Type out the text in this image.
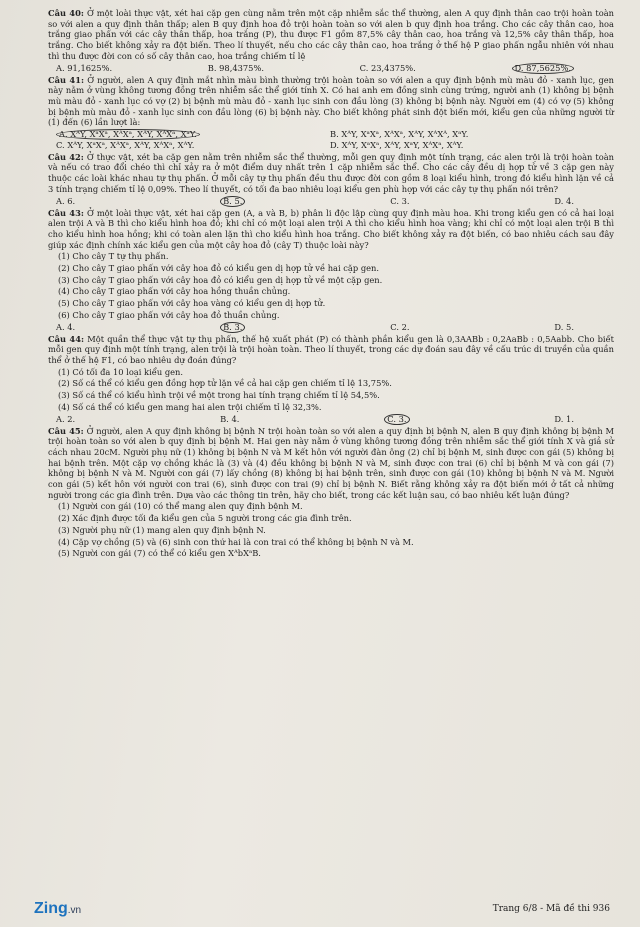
Câu 40: Ở một loài thực vật, xét hai cặp gen cùng nằm trên một cặp nhiễm sắc thể thường, alen A quy định thân cao trội hoàn toàn so với alen a quy định thân thấp; alen B quy định hoa đỏ trội hoàn toàn so với alen b quy định hoa trắng. Cho các cây thân cao, hoa trắng giao phấn với các cây thân thấp, hoa trắng (P), thu được F1 gồm 87,5% cây thân cao, hoa trắng và 12,5% cây thân thấp, hoa trắng. Cho biết không xảy ra đột biến. Theo lí thuyết, nếu cho các cây thân cao, hoa trắng ở thế hệ P giao phấn ngẫu nhiên với nhau thì thu được đời con có số cây thân cao, hoa trắng chiếm tỉ lệ

A. 91,1625%.	B. 98,4375%.	C. 23,4375%.	D. 87,5625%.

Câu 41: Ở người, alen A quy định mắt nhìn màu bình thường trội hoàn toàn so với alen a quy định bệnh mù màu đỏ - xanh lục, gen này nằm ở vùng không tương đồng trên nhiễm sắc thể giới tính X. Có hai anh em đồng sinh cùng trứng, người anh (1) không bị bệnh mù màu đỏ - xanh lục có vợ (2) bị bệnh mù màu đỏ - xanh lục sinh con đầu lòng (3) không bị bệnh này. Người em (4) có vợ (5) không bị bệnh mù màu đỏ - xanh lục sinh con đầu lòng (6) bị bệnh này. Cho biết không phát sinh đột biến mới, kiểu gen của những người từ (1) đến (6) lần lượt là:

A. XᴬY, XᵃXᵃ, XᴬXᵃ, XᴬY, XᴬXᵃ, XᵃY.	B. XᴬY, XᵃXᵃ, XᴬXᵃ, XᴬY, XᴬXᴬ, XᵃY.
C. XᴬY, XᵃXᵃ, XᴬXᵃ, XᴬY, XᴬXᵃ, XᴬY.	D. XᴬY, XᵃXᵃ, XᴬY, XᵃY, XᴬXᵃ, XᴬY.

Câu 42: Ở thực vật, xét ba cặp gen nằm trên nhiễm sắc thể thường, mỗi gen quy định một tính trạng, các alen trội là trội hoàn toàn và nếu có trao đổi chéo thì chỉ xảy ra ở một điểm duy nhất trên 1 cặp nhiễm sắc thể. Cho các cây đều dị hợp tử về 3 cặp gen này thuộc các loài khác nhau tự thụ phấn. Ở mỗi cây tự thụ phấn đều thu được đời con gồm 8 loại kiểu hình, trong đó kiểu hình lặn về cả 3 tính trạng chiếm tỉ lệ 0,09%. Theo lí thuyết, có tối đa bao nhiêu loại kiểu gen phù hợp với các cây tự thụ phấn nói trên?

A. 6.	B. 5.	C. 3.	D. 4.

Câu 43: Ở một loài thực vật, xét hai cặp gen (A, a và B, b) phân li độc lập cùng quy định màu hoa. Khi trong kiểu gen có cả hai loại alen trội A và B thì cho kiểu hình hoa đỏ; khi chỉ có một loại alen trội A thì cho kiểu hình hoa vàng; khi chỉ có một loại alen trội B thì cho kiểu hình hoa hồng; khi có toàn alen lặn thì cho kiểu hình hoa trắng. Cho biết không xảy ra đột biến, có bao nhiêu cách sau đây giúp xác định chính xác kiểu gen của một cây hoa đỏ (cây T) thuộc loài này?

(1) Cho cây T tự thụ phấn.
(2) Cho cây T giao phấn với cây hoa đỏ có kiểu gen dị hợp tử về hai cặp gen.
(3) Cho cây T giao phấn với cây hoa đỏ có kiểu gen dị hợp tử về một cặp gen.
(4) Cho cây T giao phấn với cây hoa hồng thuần chủng.
(5) Cho cây T giao phấn với cây hoa vàng có kiểu gen dị hợp tử.
(6) Cho cây T giao phấn với cây hoa đỏ thuần chủng.
A. 4.	B. 3.	C. 2.	D. 5.

Câu 44: Một quần thể thực vật tự thụ phấn, thế hệ xuất phát (P) có thành phần kiểu gen là 0,3AABb : 0,2AaBb : 0,5Aabb. Cho biết mỗi gen quy định một tính trạng, alen trội là trội hoàn toàn. Theo lí thuyết, trong các dự đoán sau đây về cấu trúc di truyền của quần thể ở thế hệ F1, có bao nhiêu dự đoán đúng?

(1) Có tối đa 10 loại kiểu gen.
(2) Số cá thể có kiểu gen đồng hợp tử lặn về cả hai cặp gen chiếm tỉ lệ 13,75%.
(3) Số cá thể có kiểu hình trội về một trong hai tính trạng chiếm tỉ lệ 54,5%.
(4) Số cá thể có kiểu gen mang hai alen trội chiếm tỉ lệ 32,3%.
A. 2.	B. 4.	C. 3.	D. 1.

Câu 45: Ở người, alen A quy định không bị bệnh N trội hoàn toàn so với alen a quy định bị bệnh N, alen B quy định không bị bệnh M trội hoàn toàn so với alen b quy định bị bệnh M. Hai gen này nằm ở vùng không tương đồng trên nhiễm sắc thể giới tính X và giả sử cách nhau 20cM. Người phụ nữ (1) không bị bệnh N và M kết hôn với người đàn ông (2) chỉ bị bệnh M, sinh được con gái (5) không bị hai bệnh trên. Một cặp vợ chồng khác là (3) và (4) đều không bị bệnh N và M, sinh được con trai (6) chỉ bị bệnh M và con gái (7) không bị bệnh N và M. Người con gái (7) lấy chồng (8) không bị hai bệnh trên, sinh được con gái (10) không bị bệnh N và M. Người con gái (5) kết hôn với người con trai (6), sinh được con trai (9) chỉ bị bệnh N. Biết rằng không xảy ra đột biến mới ở tất cả những người trong các gia đình trên. Dựa vào các thông tin trên, hãy cho biết, trong các kết luận sau, có bao nhiêu kết luận đúng?

(1) Người con gái (10) có thể mang alen quy định bệnh M.
(2) Xác định được tối đa kiểu gen của 5 người trong các gia đình trên.
(3) Người phụ nữ (1) mang alen quy định bệnh N.
(4) Cặp vợ chồng (5) và (6) sinh con thứ hai là con trai có thể không bị bệnh N và M.
(5) Người con gái (7) có thể có kiểu gen XᴬbXᵃB.
Trang 6/8 - Mã đề thi 936
Zing.vn
